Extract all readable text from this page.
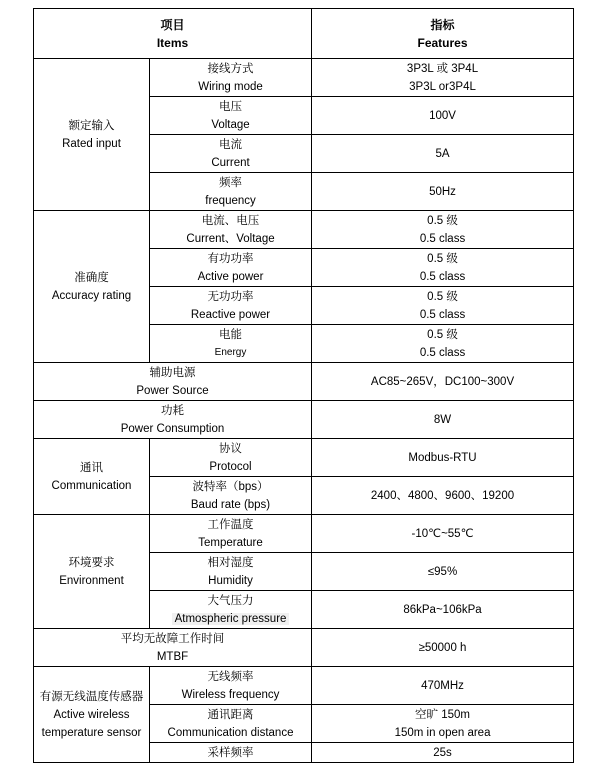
项目
Items		指标
Features

额定输入
Rated input	接线方式
Wiring mode	3P3L 或 3P4L
3P3L or3P4L

	电压
Voltage	100V

	电流
Current	5A

	频率
frequency	50Hz

准确度
Accuracy rating	电流、电压
Current、Voltage	0.5 级
0.5 class

	有功功率
Active power	0.5 级
0.5 class

	无功功率
Reactive power	0.5 级
0.5 class

	电能
Energy	0.5 级
0.5 class

辅助电源
Power Source		AC85~265V，DC100~300V

功耗
Power Consumption		8W

通讯
Communication	协议
Protocol	Modbus-RTU

	波特率（bps）
Baud rate (bps)	2400、4800、9600、19200

环境要求
Environment	工作温度
Temperature	-10℃~55℃

	相对湿度
Humidity	≤95%

	大气压力
Atmospheric pressure	86kPa~106kPa

平均无故障工作时间
MTBF		≥50000 h

有源无线温度传感器
Active wireless
temperature sensor	无线频率
Wireless frequency	470MHz

	通讯距离
Communication distance	空旷 150m
150m in open area

	采样频率	25s
